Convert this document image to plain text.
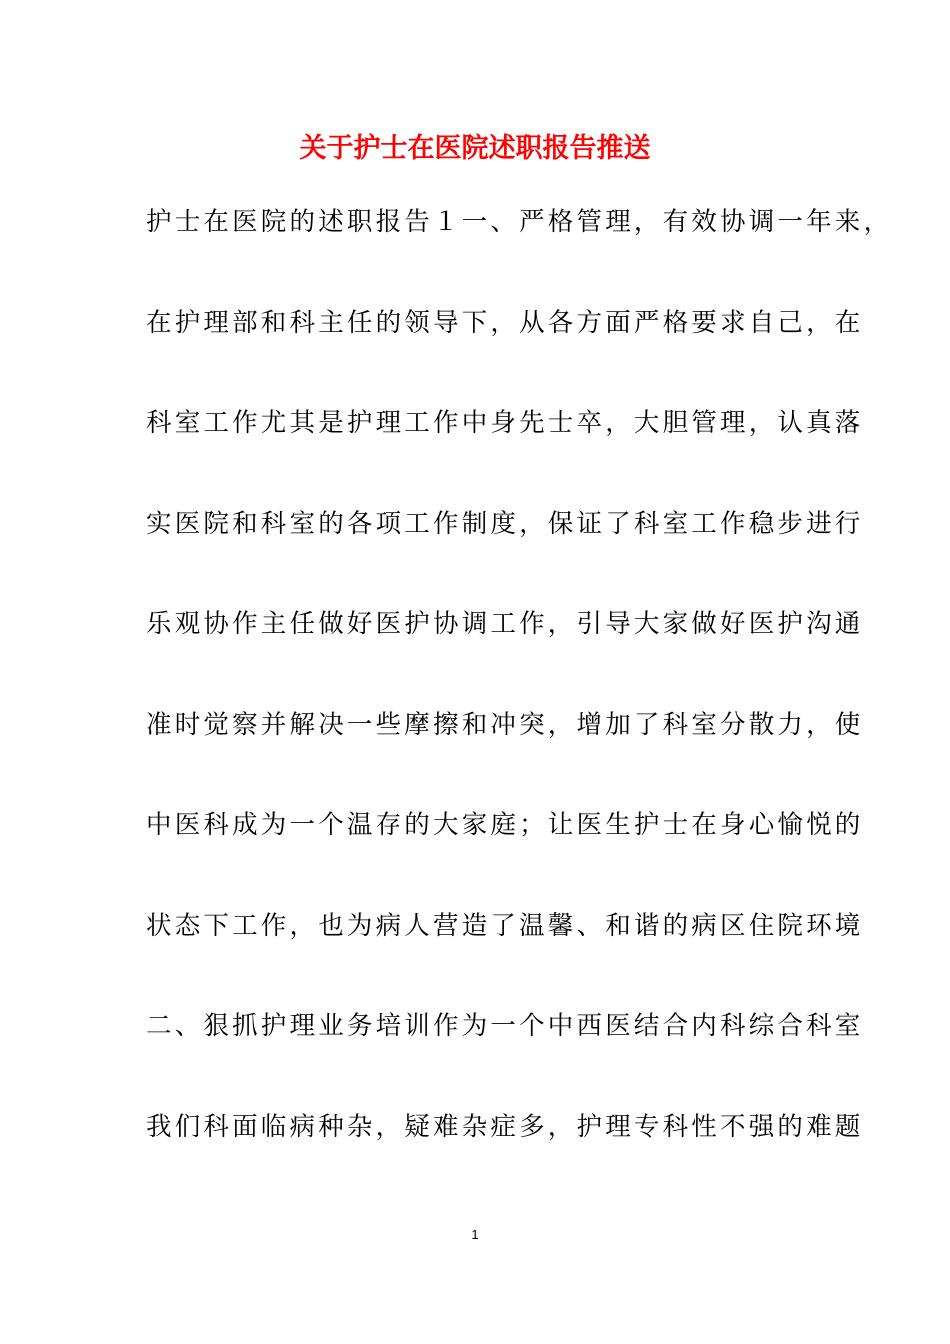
关于护士在医院述职报告推送
护士在医院的述职报告１一、严格管理，有效协调一年来，
在护理部和科主任的领导下，从各方面严格要求自己，在
科室工作尤其是护理工作中身先士卒，大胆管理，认真落
实医院和科室的各项工作制度，保证了科室工作稳步进行
乐观协作主任做好医护协调工作，引导大家做好医护沟通
准时觉察并解决一些摩擦和冲突，增加了科室分散力，使
中医科成为一个温存的大家庭；让医生护士在身心愉悦的
状态下工作，也为病人营造了温馨、和谐的病区住院环境
二、狠抓护理业务培训作为一个中西医结合内科综合科室
我们科面临病种杂，疑难杂症多，护理专科性不强的难题
1
